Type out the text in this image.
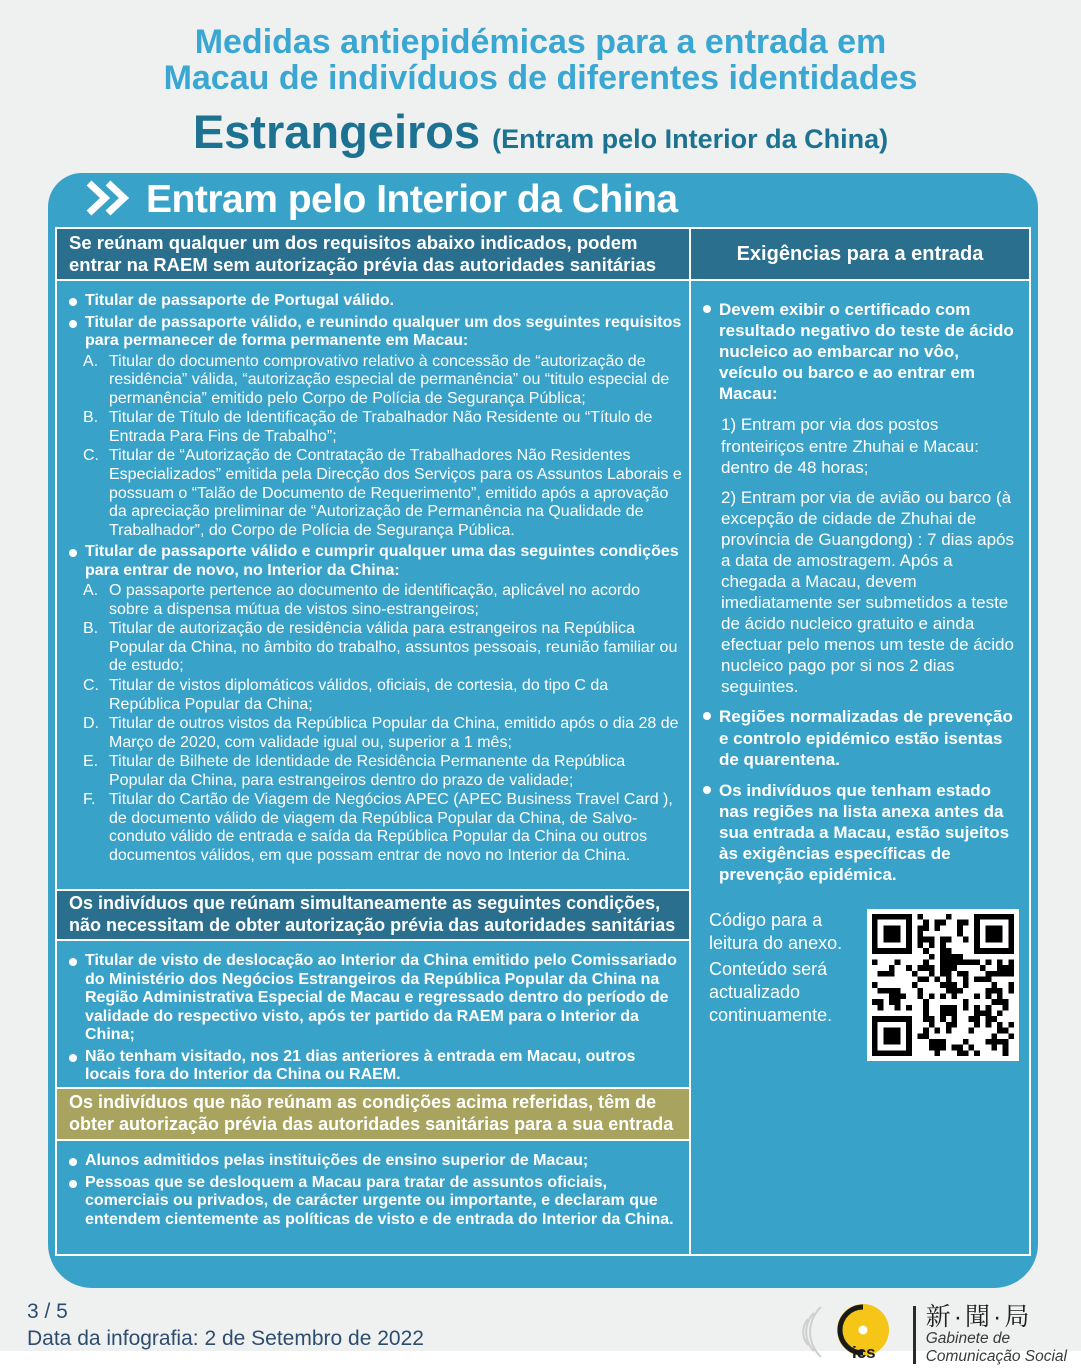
Medidas antiepidémicas para a entrada em
Macau de indivíduos de diferentes identidades
Estrangeiros (Entram pelo Interior da China)
Entram pelo Interior da China
Se reúnam qualquer um dos requisitos abaixo indicados, podem entrar na RAEM sem autorização prévia das autoridades sanitárias
Titular de passaporte de Portugal válido.
Titular de passaporte válido, e reunindo qualquer um dos seguintes requisitos para permanecer de forma permanente em Macau:
A. Titular do documento comprovativo relativo à concessão de “autorização de residência” válida, “autorização especial de permanência” ou “titulo especial de permanência” emitido pelo Corpo de Polícia de Segurança Pública;
B. Titular de Título de Identificação de Trabalhador Não Residente ou “Título de Entrada Para Fins de Trabalho”;
C. Titular de “Autorização de Contratação de Trabalhadores Não Residentes Especializados” emitida pela Direcção dos Serviços para os Assuntos Laborais e possuam o “Talão de Documento de Requerimento”, emitido após a aprovação da apreciação preliminar de “Autorização de Permanência na Qualidade de Trabalhador”, do Corpo de Polícia de Segurança Pública.
Titular de passaporte válido e cumprir qualquer uma das seguintes condições para entrar de novo, no Interior da China:
A. O passaporte pertence ao documento de identificação, aplicável no acordo sobre a dispensa mútua de vistos sino-estrangeiros;
B. Titular de autorização de residência válida para estrangeiros na República Popular da China, no âmbito do trabalho, assuntos pessoais, reunião familiar ou de estudo;
C. Titular de vistos diplomáticos válidos, oficiais, de cortesia, do tipo C da República Popular da China;
D. Titular de outros vistos da República Popular da China, emitido após o dia 28 de Março de 2020, com validade igual ou, superior a 1 mês;
E. Titular de Bilhete de Identidade de Residência Permanente da República Popular da China, para estrangeiros dentro do prazo de validade;
F. Titular do Cartão de Viagem de Negócios APEC (APEC Business Travel Card ), de documento válido de viagem da República Popular da China, de Salvo-conduto válido de entrada e saída da República Popular da China ou outros documentos válidos, em que possam entrar de novo no Interior da China.
Os indivíduos que reúnam simultaneamente as seguintes condições, não necessitam de obter autorização prévia das autoridades sanitárias
Titular de visto de deslocação ao Interior da China emitido pelo Comissariado do Ministério dos Negócios Estrangeiros da República Popular da China na Região Administrativa Especial de Macau e regressado dentro do período de validade do respectivo visto, após ter partido da RAEM para o Interior da China;
Não tenham visitado, nos 21 dias anteriores à entrada em Macau, outros locais fora do Interior da China ou RAEM.
Os indivíduos que não reúnam as condições acima referidas, têm de obter autorização prévia das autoridades sanitárias para a sua entrada
Alunos admitidos pelas instituições de ensino superior de Macau;
Pessoas que se desloquem a Macau para tratar de assuntos oficiais, comerciais ou privados, de carácter urgente ou importante, e declaram que entendem cientemente as políticas de visto e de entrada do Interior da China.
Exigências para a entrada
Devem exibir o certificado com resultado negativo do teste de ácido nucleico ao embarcar no vôo, veículo ou barco e ao entrar em Macau:
1) Entram por via dos postos fronteiriços entre Zhuhai e Macau: dentro de 48 horas;
2) Entram por via de avião ou barco (à excepção de cidade de Zhuhai de província de Guangdong) : 7 dias após a data de amostragem. Após a chegada a Macau, devem imediatamente ser submetidos a teste de ácido nucleico gratuito e ainda efectuar pelo menos um teste de ácido nucleico pago por si nos 2 dias seguintes.
Regiões normalizadas de prevenção e controlo epidémico estão isentas de quarentena.
Os indivíduos que tenham estado nas regiões na lista anexa antes da sua entrada a Macau, estão sujeitos às exigências específicas de prevenção epidémica.

Código para a leitura do anexo.

Conteúdo será actualizado continuamente.

3 / 5
Data da infografia: 2 de Setembro de 2022
ics
新·聞·局
Gabinete de
Comunicação Social
